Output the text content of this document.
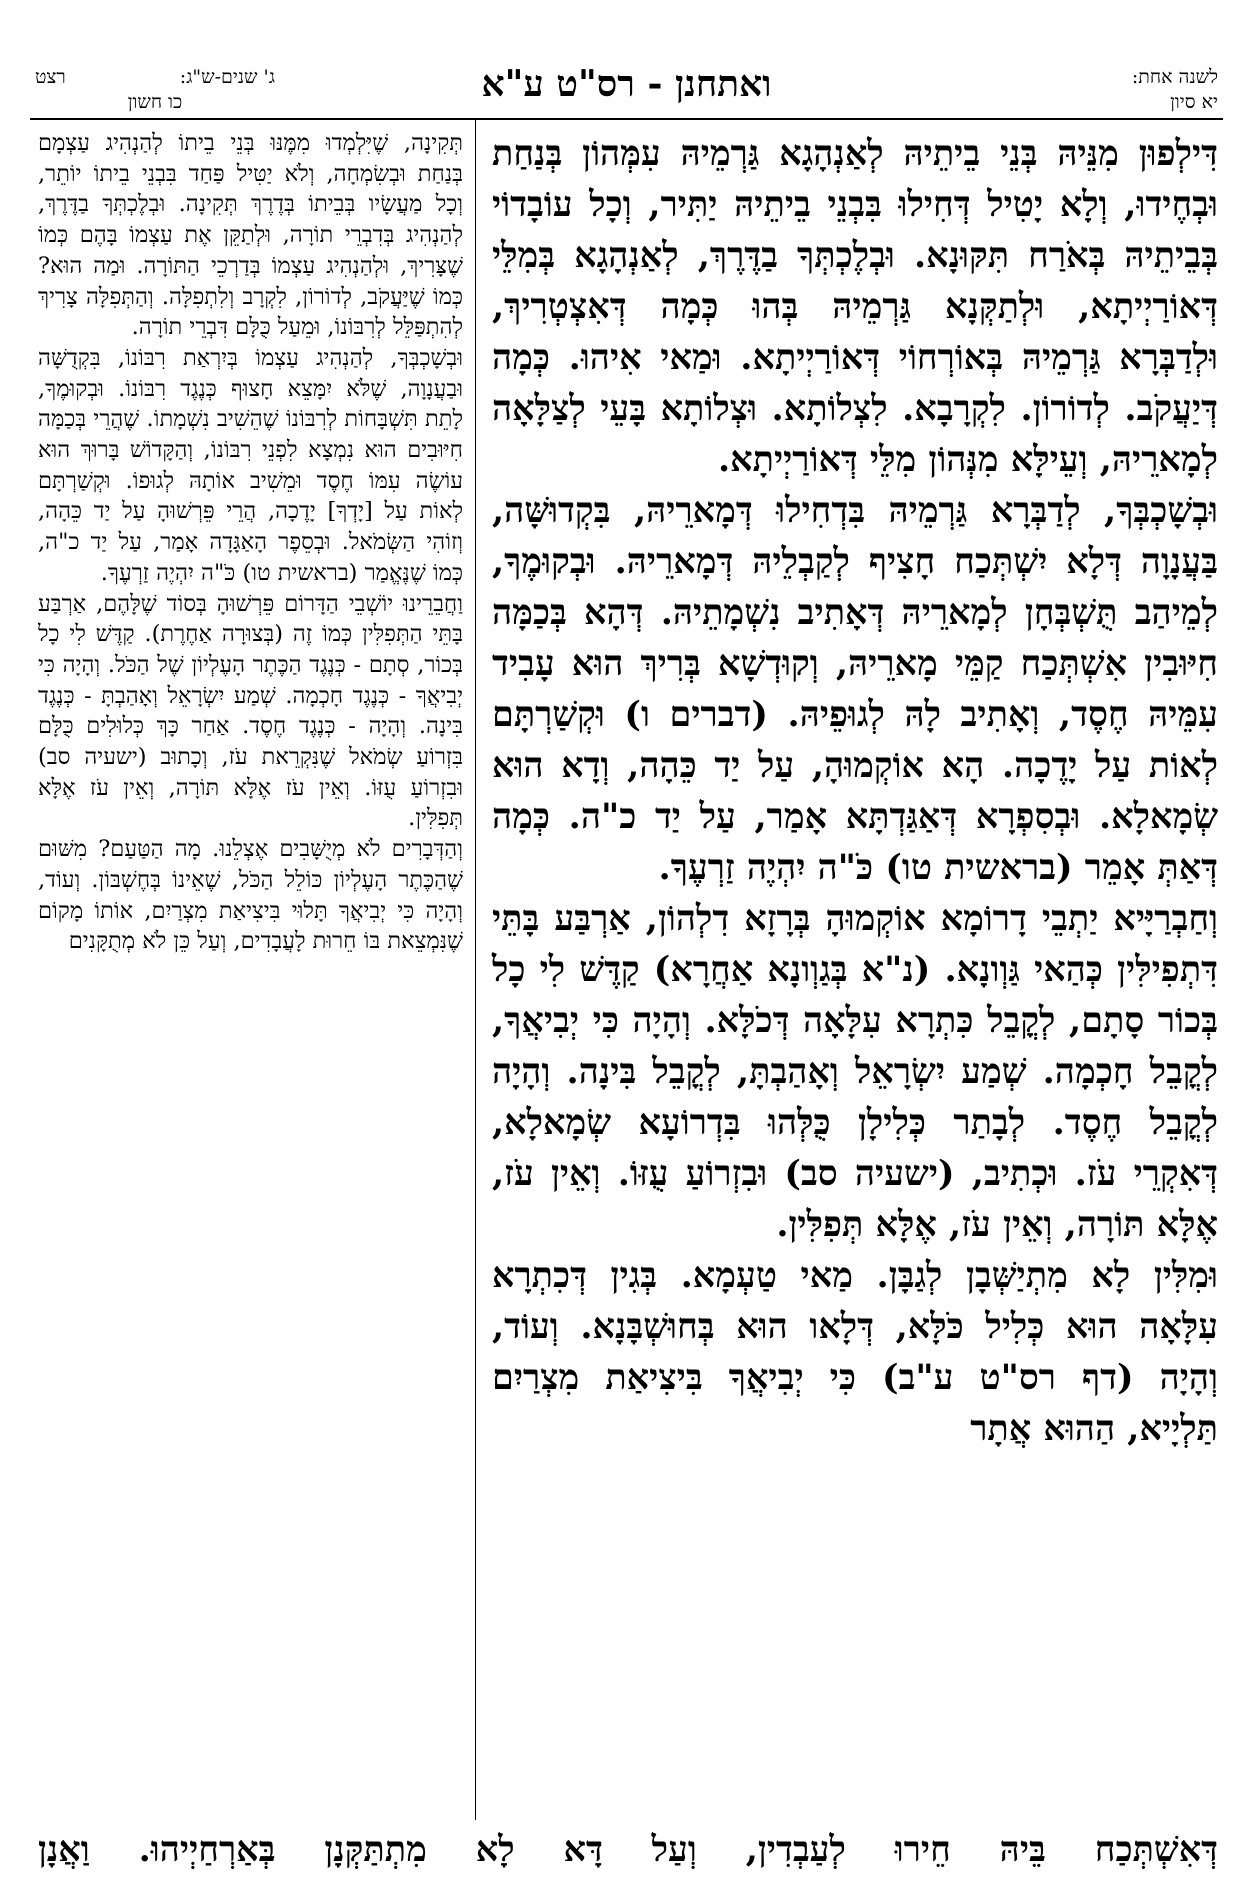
לשנה אחת:
יא סיון
ואתחנן - רס"ט ע"א
ג' שנים-ש"ג:
רצט
כו חשון

דִּילְפוּן מִנֵּיהּ בְּנֵי בֵיתֵיהּ לְאַנְהָגָא גַּרְמֵיהּ עִמְּהוֹן בְּנַחַת וּבְחֶידוּ, וְלָא יָטִיל דְּחִילוּ בִּבְנֵי בֵיתֵיהּ יַתִּיר, וְכָל עוֹבָדוֹי בְּבֵיתֵיהּ בְּאֹרַח תִּקּוּנָא. וּבְלֶכְתְּךָ בַדֶּרֶךְ, לְאַנְהָגָא בְּמִלֵּי דְּאוֹרַיְיתָא, וּלְתַקְּנָא גַּרְמֵיהּ בְּהוּ כְּמָה דְּאִצְטְרִיךְ, וּלְדַבְּרָא גַּרְמֵיהּ בְּאוֹרְחוֹי דְּאוֹרַיְיתָא. וּמַאי אִיהוּ. כְּמָה דְּיַעֲקֹב. לְדוֹרוֹן. לִקְרָבָא. לִצְלוֹתָא. וּצְלוֹתָא בָּעֵי לְצַלָּאָה לְמָארֵיהּ, וְעֵילָּא מִנְּהוֹן מִלֵּי דְּאוֹרַיְיתָא.

וּבְשָׁכְבְּךָ, לְדַבְּרָא גַּרְמֵיהּ בִּדְחִילוּ דְּמָארֵיהּ, בִּקְדוּשָּׁה, בַּעֲנָוָה דְּלָא יִשְׁתְּכַח חָצִיף לְקַבְלֵיהּ דְּמָארֵיהּ. וּבְקוּמֶךָ, לְמֵיהַב תֻּשְׁבְּחָן לְמָארֵיהּ דְּאָתִיב נִשְׁמָתֵיהּ. דְּהָא בְּכַמָּה חִיּוּבִין אִשְׁתְּכַח קַמֵּי מָארֵיהּ, וְקוּדְשָׁא בְּרִיךְ הוּא עָבִיד עִמֵּיהּ חֶסֶד, וְאָתִיב לָהּ לְגוּפֵיהּ. (דברים ו) וּקְשַׁרְתָּם לְאוֹת עַל יָדֶכָה. הָא אוֹקְמוּהָ, עַל יַד כֵּהָה, וְדָא הוּא שְׂמָאלָא. וּבְסִפְרָא דְּאַגַּדְתָּא אָמַר, עַל יַד כ"ה. כְּמָה דְּאַתְּ אָמֵר (בראשית טו) כֹּ"ה יִהְיֶה זַרְעֶךָ.

וְחַבְרַיָּיא יַתְבֵי דָרוֹמָא אוֹקְמוּהָ בְּרָזָא דִלְהוֹן, אַרְבַּע בָּתֵּי דִּתְפִילִּין כְּהַאי גַּוְונָא. (נ"א בְּגַוְונָא אַחֲרָא) קַדֶּשׁ לִי כָל בְּכוֹר סָתָם, לְקֳבֵל כִּתְרָא עִלָּאָה דְּכֹלָּא. וְהָיָה כִּי יְבִיאֲךָ, לְקֳבֵל חָכְמָה. שְׁמַע יִשְׂרָאֵל וְאָהַבְתָּ, לְקֳבֵל בִּינָה. וְהָיָה לְקֳבֵל חֶסֶד. לְבָתַר כְּלִילָן כֻּלְּהוּ בִּדְרוֹעָא שְׂמָאלָא, דְּאִקְרֵי עֹז. וּכְתִיב, (ישעיה סב) וּבִזְרוֹעַ עֻזּוֹ. וְאֵין עֹז, אֶלָּא תּוֹרָה, וְאֵין עֹז, אֶלָּא תְּפִלִּין.

וּמִלִּין לָא מִתְיַשְּׁבָן לְגַבָּן. מַאי טַעְמָא. בְּגִין דְּכִתְרָא עִלָּאָה הוּא כְּלִיל כֹּלָּא, דְּלָאו הוּא בְּחוּשְׁבָּנָא. וְעוֹד, וְהָיָה (דף רס"ט ע"ב) כִּי יְבִיאֲךָ בִּיצִיאַת מִצְרַיִם תַּלְיָיא, הַהוּא אֲתָר

תְּקִינָה, שֶׁיִּלְמְדוּ מִמֶּנּוּ בְּנֵי בֵיתוֹ לְהַנְהִיג עַצְמָם בְּנַחַת וּבְשִׂמְחָה, וְלֹא יַטִּיל פַּחַד בִּבְנֵי בֵיתוֹ יוֹתֵר, וְכָל מַעֲשָׂיו בְּבֵיתוֹ בְּדֶרֶךְ תְּקִינָה. וּבְלֶכְתְּךָ בַדֶּרֶךְ, לְהַנְהִיג בְּדִבְרֵי תוֹרָה, וּלְתַקֵּן אֶת עַצְמוֹ בָּהֶם כְּמוֹ שֶׁצָּרִיךְ, וּלְהַנְהִיג עַצְמוֹ בְּדַרְכֵי הַתּוֹרָה. וּמַה הוּא? כְּמוֹ שֶׁיַּעֲקֹב, לְדוֹרוֹן, לִקְרָב וְלִתְפִלָּה. וְהַתְּפִלָּה צָרִיךְ לְהִתְפַּלֵּל לְרִבּוֹנוֹ, וּמֵעַל כֻּלָּם דִּבְרֵי תוֹרָה.

וּבְשָׁכְבְּךָ, לְהַנְהִיג עַצְמוֹ בְּיִרְאַת רִבּוֹנוֹ, בִּקְדֻשָּׁה וּבַעֲנָוָה, שֶׁלֹּא יִמָּצֵא חָצוּף כְּנֶגֶד רִבּוֹנוֹ. וּבְקוּמֶךָ, לָתֵת תִּשְׁבָּחוֹת לְרִבּוֹנוֹ שֶׁהֵשִׁיב נִשְׁמָתוֹ. שֶׁהֲרֵי בְּכַמָּה חִיּוּבִים הוּא נִמְצָא לִפְנֵי רִבּוֹנוֹ, וְהַקָּדוֹשׁ בָּרוּךְ הוּא עוֹשֶׂה עִמּוֹ חֶסֶד וּמֵשִׁיב אוֹתָהּ לְגוּפוֹ. וּקְשַׁרְתָּם לְאוֹת עַל [יָדְךָ] יָדֶכָה, הֲרֵי פֵּרְשׁוּהָ עַל יַד כֵּהָה, וְזוֹהִי הַשְּׂמֹאל. וּבְסֵפֶר הָאַגָּדָה אָמַר, עַל יַד כ"ה, כְּמוֹ שֶׁנֶּאֱמַר (בראשית טו) כֹּ"ה יִהְיֶה זַרְעֶךָ.

וַחֲבֵרֵינוּ יוֹשְׁבֵי הַדָּרוֹם פֵּרְשׁוּהָ בְּסוֹד שֶׁלָּהֶם, אַרְבַּע בָּתֵּי הַתְּפִלִּין כְּמוֹ זֶה (בְּצוּרָה אַחֶרֶת). קַדֶּשׁ לִי כָל בְּכוֹר, סְתָם - כְּנֶגֶד הַכֶּתֶר הָעֶלְיוֹן שֶׁל הַכֹּל. וְהָיָה כִּי יְבִיאֲךָ - כְּנֶגֶד חָכְמָה. שְׁמַע יִשְׂרָאֵל וְאָהַבְתָּ - כְּנֶגֶד בִּינָה. וְהָיָה - כְּנֶגֶד חֶסֶד. אַחַר כָּךְ כְּלוּלִים כֻּלָּם בִּזְרוֹעַ שְׂמֹאל שֶׁנִּקְרֵאת עֹז, וְכָתוּב (ישעיה סב) וּבִזְרוֹעַ עֻזּוֹ. וְאֵין עֹז אֶלָּא תּוֹרָה, וְאֵין עֹז אֶלָּא תְּפִלִּין.

וְהַדְּבָרִים לֹא מְיֻשָּׁבִים אֶצְלֵנוּ. מָה הַטַּעַם? מִשּׁוּם שֶׁהַכֶּתֶר הָעֶלְיוֹן כּוֹלֵל הַכֹּל, שֶׁאֵינוֹ בְּחֶשְׁבּוֹן. וְעוֹד, וְהָיָה כִּי יְבִיאֲךָ תָּלוּי בִּיצִיאַת מִצְרַיִם, אוֹתוֹ מָקוֹם שֶׁנִּמְצֵאת בּוֹ חֵרוּת לָעֲבָדִים, וְעַל כֵּן לֹא מְתֻקָּנִים

דְּאִשְׁתְּכַח בֵּיהּ חֵירוּ לְעַבְדִין, וְעַל דָּא לָא מִתְתַּקְּנָן בְּאַרְחַיְיהוּ. וַאֲנָן
